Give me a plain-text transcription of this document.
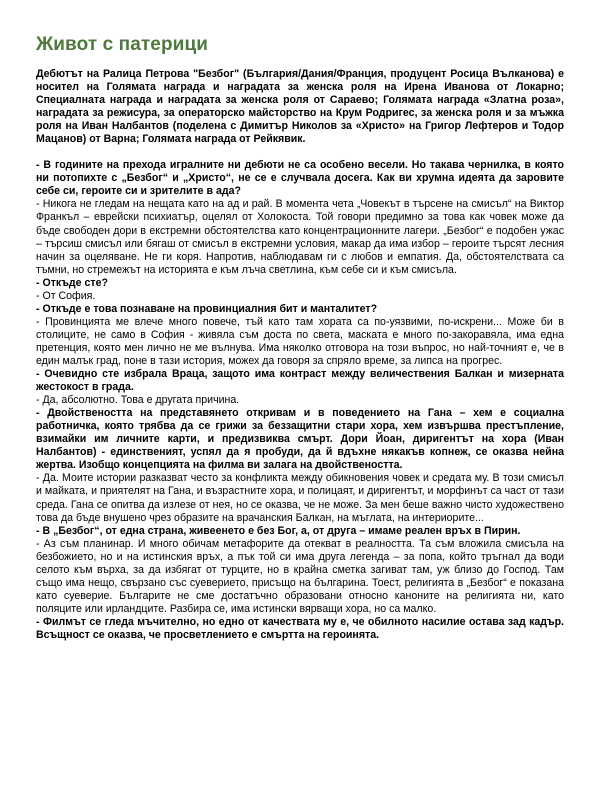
Живот с патерици

Дебютът на Ралица Петрова "Безбог" (България/Дания/Франция, продуцент Росица Вълканова) е носител на Голямата награда и наградата за женска роля на Ирена Иванова от Локарно; Специалната награда и наградата за женска роля от Сараево; Голямата награда «Златна роза», наградата за режисура, за операторско майсторство на Крум Родригес, за женска роля и за мъжка роля на Иван Налбантов (поделена с Димитър Николов за «Христо» на Григор Лефтеров и Тодор Мацанов) от Варна; Голямата награда от Рейкявик.

- В годините на прехода игралните ни дебюти не са особено весели. Но такава чернилка, в която ни потопихте с „Безбог“ и „Христо“, не се е случвала досега. Как ви хрумна идеята да заровите себе си, героите си и зрителите в ада?

- Никога не гледам на нещата като на ад и рай. В момента чета „Човекът в търсене на смисъл“ на Виктор Франкъл – еврейски психиатър, оцелял от Холокоста. Той говори предимно за това как човек може да бъде свободен дори в екстремни обстоятелства като концентрационните лагери. „Безбог“ е подобен ужас – търсиш смисъл или бягаш от смисъл в екстремни условия, макар да има избор – героите търсят лесния начин за оцеляване. Не ги коря. Напротив, наблюдавам ги с любов и емпатия. Да, обстоятелствата са тъмни, но стремежът на историята е към лъча светлина, към себе си и към смисъла.

- Откъде сте?

- От София.

- Откъде е това познаване на провинциалния бит и манталитет?

- Провинцията ме влече много повече, тъй като там хората са по-уязвими, по-искрени... Може би в столиците, не само в София - живяла съм доста по света, маската е много по-закоравяла, има една претенция, която мен лично не ме вълнува. Има няколко отговора на този въпрос, но най-точният е, че в един малък град, поне в тази история, можех да говоря за спряло време, за липса на прогрес.

- Очевидно сте избрала Враца, защото има контраст между величествения Балкан и мизерната жестокост в града.

- Да, абсолютно. Това е другата причина.

- Двойствеността на представянето откривам и в поведението на Гана – хем е социална работничка, която трябва да се грижи за беззащитни стари хора, хем извършва престъпление, взимайки им личните карти, и предизвиква смърт. Дори Йоан, диригентът на хора (Иван Налбантов) - единственият, успял да я пробуди, да й вдъхне някакъв копнеж, се оказва нейна жертва. Изобщо концепцията на филма ви залага на двойствеността.

- Да. Моите истории разказват често за конфликта между обикновения човек и средата му. В този смисъл и майката, и приятелят на Гана, и възрастните хора, и полицаят, и диригентът, и морфинът са част от тази среда. Гана се опитва да излезе от нея, но се оказва, че не може. За мен беше важно чисто художествено това да бъде внушено чрез образите на врачанския Балкан, на мъглата, на интериорите...

- В „Безбог“, от една страна, живеенето е без Бог, а, от друга – имаме реален връх в Пирин.

- Аз съм планинар. И много обичам метафорите да отекват в реалността. Та съм вложила смисъла на безбожието, но и на истинския връх, а пък той си има друга легенда – за попа, който тръгнал да води селото към върха, за да избягат от турците, но в крайна сметка загиват там, уж близо до Господ. Там също има нещо, свързано със суеверието, присъщо на българина. Тоест, религията в „Безбог“ е показана като суеверие. Българите не сме достатъчно образовани относно каноните на религията ни, като поляците или ирландците. Разбира се, има истински вярващи хора, но са малко.

- Филмът се гледа мъчително, но едно от качествата му е, че обилното насилие остава зад кадър. Всъщност се оказва, че просветлението е смъртта на героинята.
